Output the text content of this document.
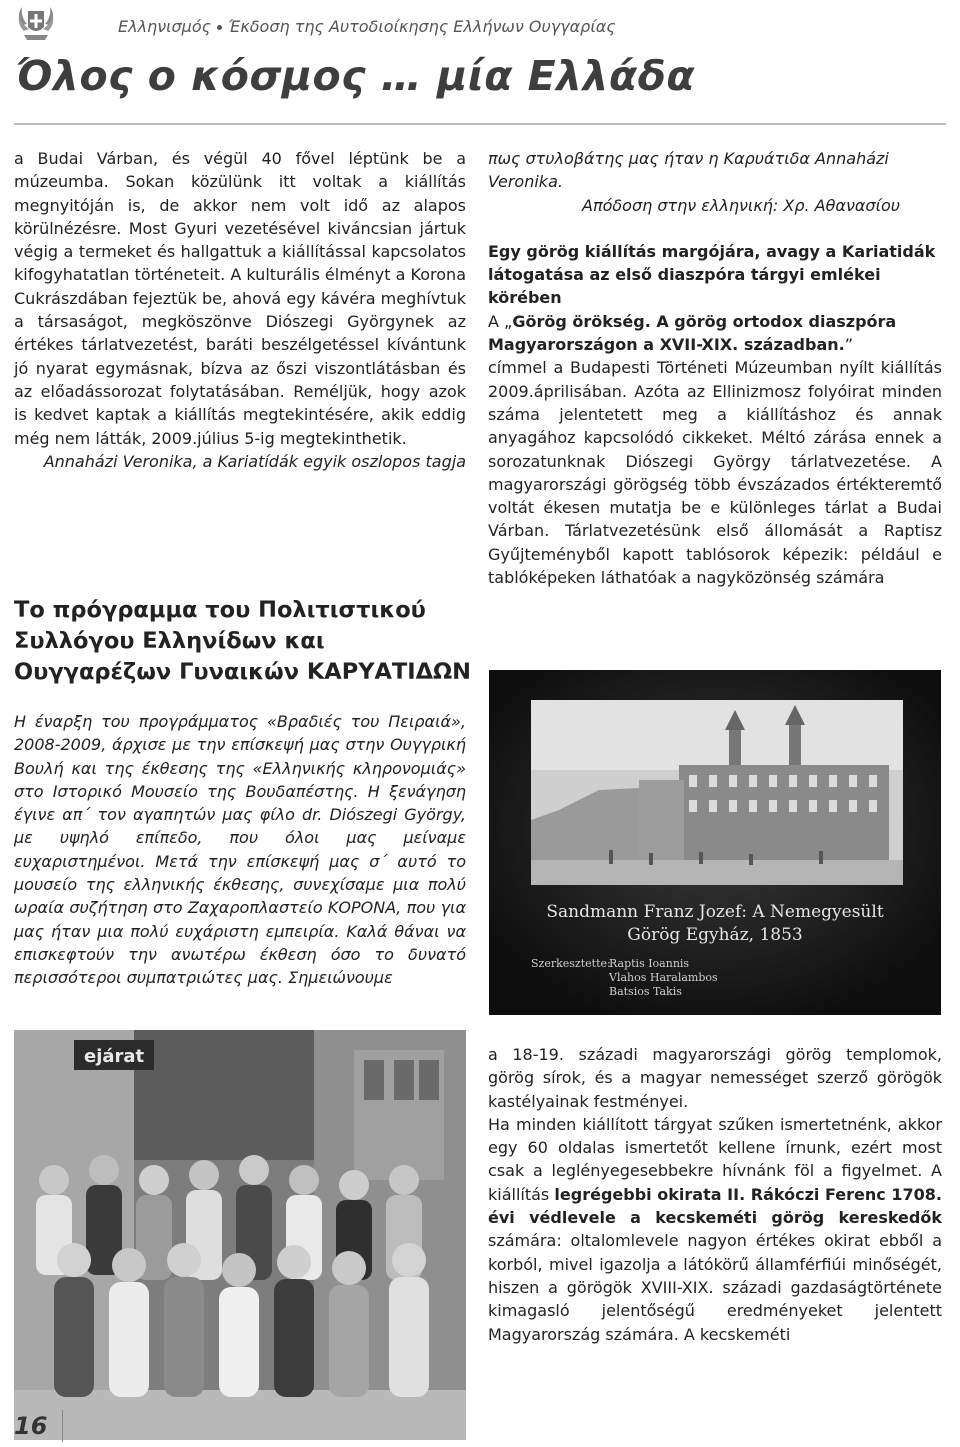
Ελληνισμός Έκδοση της Αυτοδιοίκησης Ελλήνων Ουγγαρίας
Όλος ο κόσμος … μία Ελλάδα

a Budai Várban, és végül 40 fővel léptünk be a múzeumba. Sokan közülünk itt voltak a kiállítás megnyitóján is, de akkor nem volt idő az alapos körülnézésre. Most Gyuri vezetésével kiváncsian jártuk végig a termeket és hallgattuk a kiállítással kapcsolatos kifogyhatatlan történeteit. A kulturális élményt a Korona Cukrászdában fejeztük be, ahová egy kávéra meghívtuk a társaságot, megköszönve Diószegi Györgynek az értékes tárlatvezetést, baráti beszélgetéssel kívántunk jó nyarat egymásnak, bízva az őszi viszontlátásban és az előadássorozat folytatásában. Reméljük, hogy azok is kedvet kaptak a kiállítás megtekintésére, akik eddig még nem látták, 2009.július 5-ig megtekinthetik.

Annaházi Veronika, a Kariatídák egyik oszlopos tagja

Το πρόγραμμα του Πολιτιστικού Συλλόγου Ελληνίδων και Ουγγαρέζων Γυναικών ΚΑΡΥΑΤΙΔΩΝ

Η έναρξη του προγράμματος «Βραδιές του Πειραιά», 2008-2009, άρχισε με την επίσκεψή μας στην Ουγγρική Βουλή και της έκθεσης της «Ελληνικής κληρονομιάς» στο Ιστορικό Μουσείο της Βουδαπέστης. Η ξενάγηση έγινε απ΄ τον αγαπητών μας φίλο dr. Diószegi György, με υψηλό επίπεδο, που όλοι μας μείναμε ευχαριστημένοι. Μετά την επίσκεψή μας σ΄ αυτό το μουσείο της ελληνικής έκθεσης, συνεχίσαμε μια πολύ ωραία συζήτηση στο Ζαχαροπλαστείο ΚΟΡΟΝΑ, που για μας ήταν μια πολύ ευχάριστη εμπειρία. Καλά θάναι να επισκεφτούν την ανωτέρω έκθεση όσο το δυνατό περισσότεροι συμπατριώτες μας. Σημειώνουμε

πως στυλοβάτης μας ήταν η Καρυάτιδα Annaházi Veronika.

Απόδοση στην ελληνική: Χρ. Αθανασίου

Egy görög kiállítás margójára, avagy a Kariatidák látogatása az első diaszpóra tárgyi emlékei körében

A „Görög örökség. A görög ortodox diaszpóra Magyarországon a XVII-XIX. században.”

címmel a Budapesti Történeti Múzeumban nyílt kiállítás 2009.áprilisában. Azóta az Ellinizmosz folyóirat minden száma jelentetett meg a kiállításhoz és annak anyagához kapcsolódó cikkeket. Méltó zárása ennek a sorozatunknak Diószegi György tárlatvezetése. A magyarországi görögség több évszázados értékteremtő voltát ékesen mutatja be e különleges tárlat a Budai Várban. Tárlatvezetésünk első állomását a Raptisz Gyűjteményből kapott tablósorok képezik: például e tablóképeken láthatóak a nagyközönség számára

Sandmann Franz Jozef: A Nemegyesült
Görög Egyház, 1853
Szerkesztette:
Raptis Ioannis
Vlahos Haralambos
Batsios Takis
ejárat	a 18-19. századi magyarországi görög templomok, görög sírok, és a magyar nemességet szerző görögök kastélyainak festményei.

Ha minden kiállított tárgyat szűken ismertetnénk, akkor egy 60 oldalas ismertetőt kellene írnunk, ezért most csak a leglényegesebbekre hívnánk föl a figyelmet. A kiállítás legrégebbi okirata II. Rákóczi Ferenc 1708. évi védlevele a kecskeméti görög kereskedők számára: oltalomlevele nagyon értékes okirat ebből a korból, mivel igazolja a látókörű államférfiúi minőségét, hiszen a görögök XVIII-XIX. századi gazdaságtörténete kimagasló jelentőségű eredményeket jelentett Magyarország számára. A kecskeméti

16
